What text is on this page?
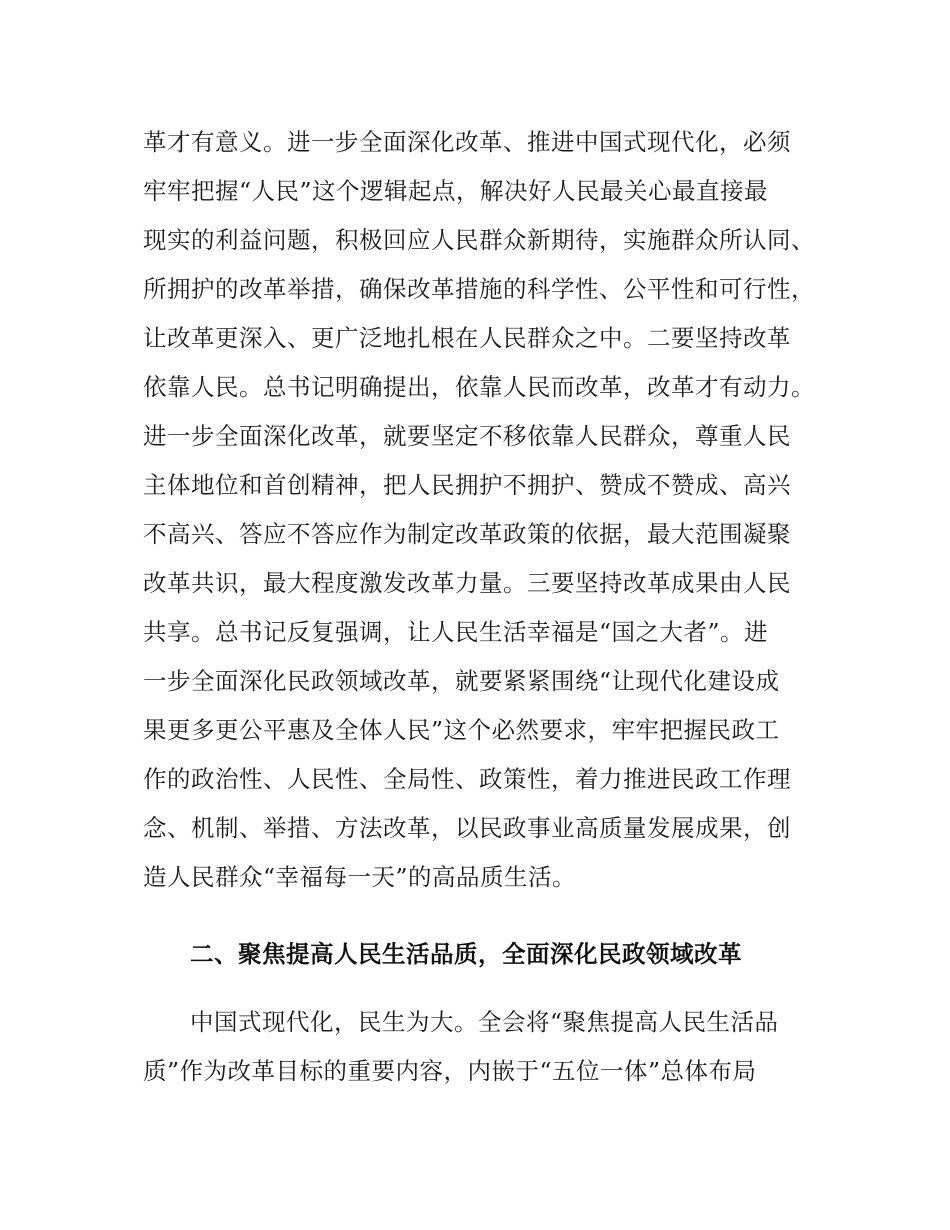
革才有意义。进一步全面深化改革、推进中国式现代化，必须
牢牢把握“人民”这个逻辑起点，解决好人民最关心最直接最
现实的利益问题，积极回应人民群众新期待，实施群众所认同、
所拥护的改革举措，确保改革措施的科学性、公平性和可行性，
让改革更深入、更广泛地扎根在人民群众之中。二要坚持改革
依靠人民。总书记明确提出，依靠人民而改革，改革才有动力。
进一步全面深化改革，就要坚定不移依靠人民群众，尊重人民
主体地位和首创精神，把人民拥护不拥护、赞成不赞成、高兴
不高兴、答应不答应作为制定改革政策的依据，最大范围凝聚
改革共识，最大程度激发改革力量。三要坚持改革成果由人民
共享。总书记反复强调，让人民生活幸福是“国之大者”。进
一步全面深化民政领域改革，就要紧紧围绕“让现代化建设成
果更多更公平惠及全体人民”这个必然要求，牢牢把握民政工
作的政治性、人民性、全局性、政策性，着力推进民政工作理
念、机制、举措、方法改革，以民政事业高质量发展成果，创
造人民群众“幸福每一天”的高品质生活。
二、聚焦提高人民生活品质，全面深化民政领域改革
中国式现代化，民生为大。全会将“聚焦提高人民生活品
质”作为改革目标的重要内容，内嵌于“五位一体”总体布局
